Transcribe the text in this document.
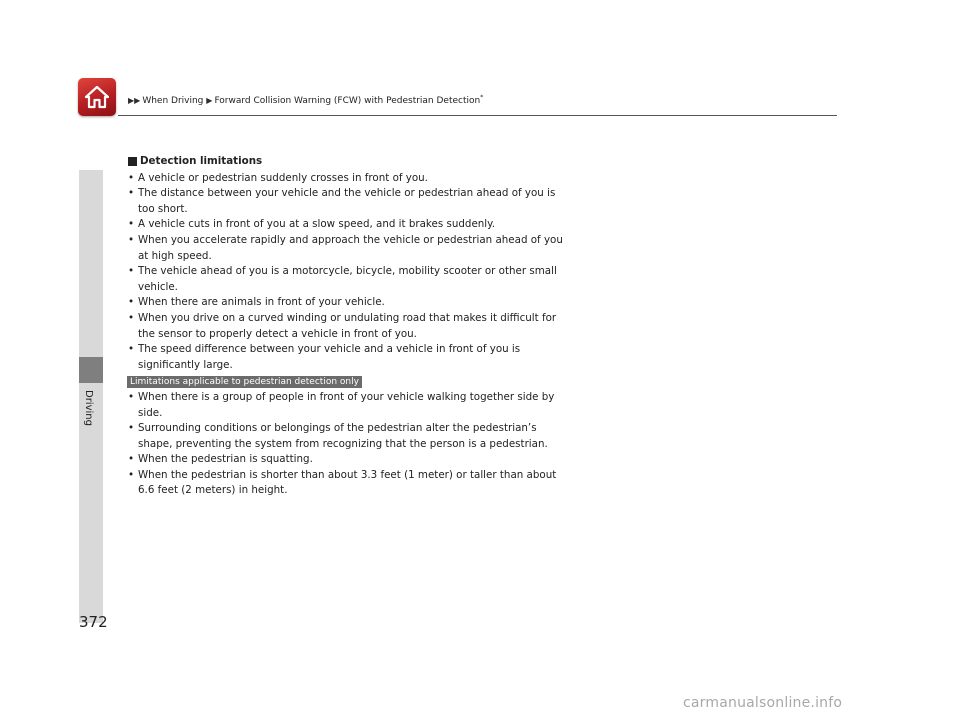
▶▶ When Driving ▶ Forward Collision Warning (FCW) with Pedestrian Detection*
Driving
372
Detection limitations
• A vehicle or pedestrian suddenly crosses in front of you.
• The distance between your vehicle and the vehicle or pedestrian ahead of you is too short.
• A vehicle cuts in front of you at a slow speed, and it brakes suddenly.
• When you accelerate rapidly and approach the vehicle or pedestrian ahead of you at high speed.
• The vehicle ahead of you is a motorcycle, bicycle, mobility scooter or other small vehicle.
• When there are animals in front of your vehicle.
• When you drive on a curved winding or undulating road that makes it difficult for the sensor to properly detect a vehicle in front of you.
• The speed difference between your vehicle and a vehicle in front of you is significantly large.
Limitations applicable to pedestrian detection only
• When there is a group of people in front of your vehicle walking together side by side.
• Surrounding conditions or belongings of the pedestrian alter the pedestrian’s shape, preventing the system from recognizing that the person is a pedestrian.
• When the pedestrian is squatting.
• When the pedestrian is shorter than about 3.3 feet (1 meter) or taller than about 6.6 feet (2 meters) in height.
carmanualsonline.info
